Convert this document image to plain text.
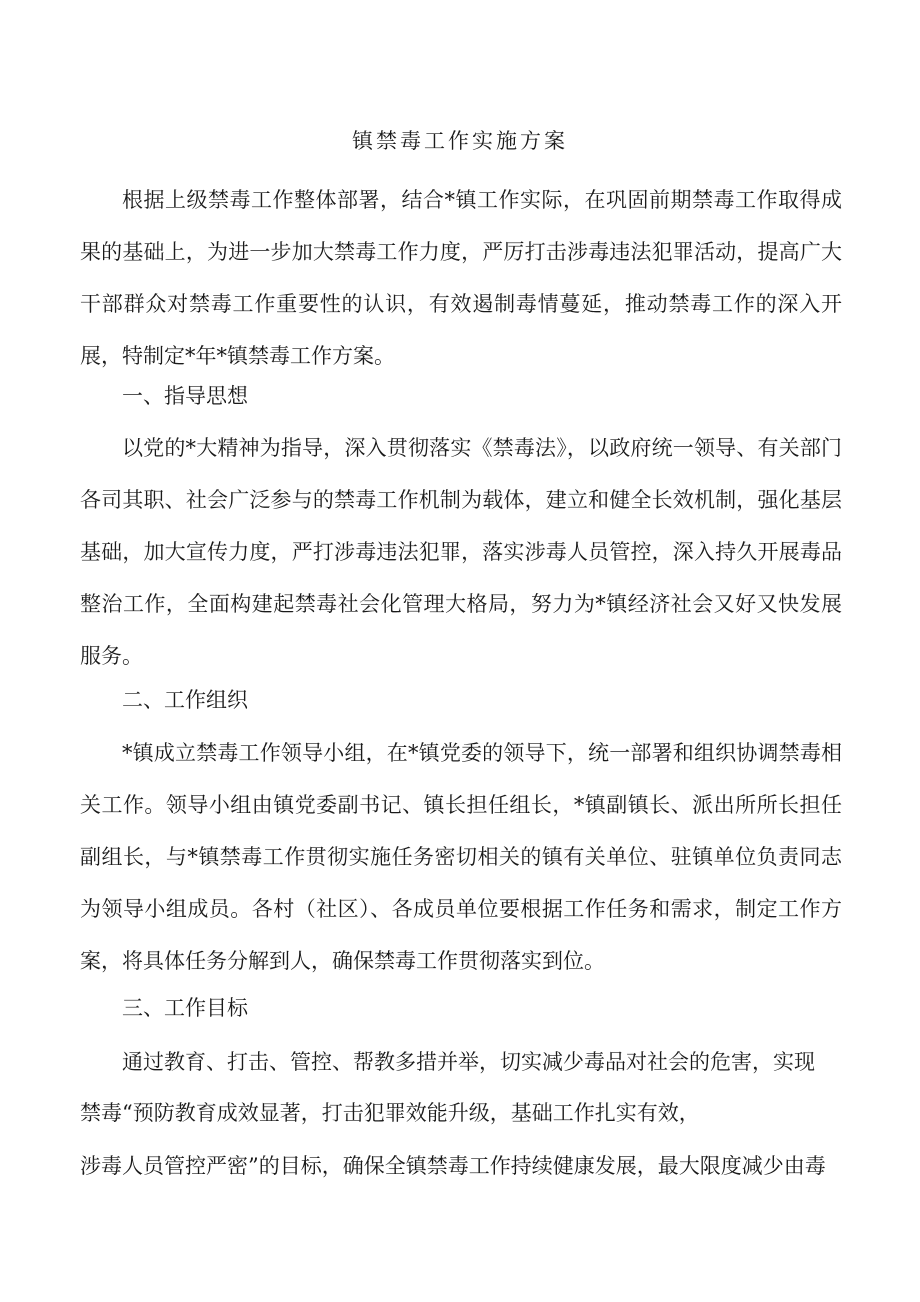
镇禁毒工作实施方案

根据上级禁毒工作整体部署，结合*镇工作实际，在巩固前期禁毒工作取得成果的基础上，为进一步加大禁毒工作力度，严厉打击涉毒违法犯罪活动，提高广大干部群众对禁毒工作重要性的认识，有效遏制毒情蔓延，推动禁毒工作的深入开展，特制定*年*镇禁毒工作方案。

一、指导思想

以党的*大精神为指导，深入贯彻落实《禁毒法》，以政府统一领导、有关部门各司其职、社会广泛参与的禁毒工作机制为载体，建立和健全长效机制，强化基层基础，加大宣传力度，严打涉毒违法犯罪，落实涉毒人员管控，深入持久开展毒品整治工作，全面构建起禁毒社会化管理大格局，努力为*镇经济社会又好又快发展服务。

二、工作组织

*镇成立禁毒工作领导小组，在*镇党委的领导下，统一部署和组织协调禁毒相关工作。领导小组由镇党委副书记、镇长担任组长，*镇副镇长、派出所所长担任副组长，与*镇禁毒工作贯彻实施任务密切相关的镇有关单位、驻镇单位负责同志为领导小组成员。各村（社区）、各成员单位要根据工作任务和需求，制定工作方案，将具体任务分解到人，确保禁毒工作贯彻落实到位。

三、工作目标

通过教育、打击、管控、帮教多措并举，切实减少毒品对社会的危害，实现

禁毒“预防教育成效显著，打击犯罪效能升级，基础工作扎实有效，

涉毒人员管控严密”的目标，确保全镇禁毒工作持续健康发展，最大限度减少由毒
